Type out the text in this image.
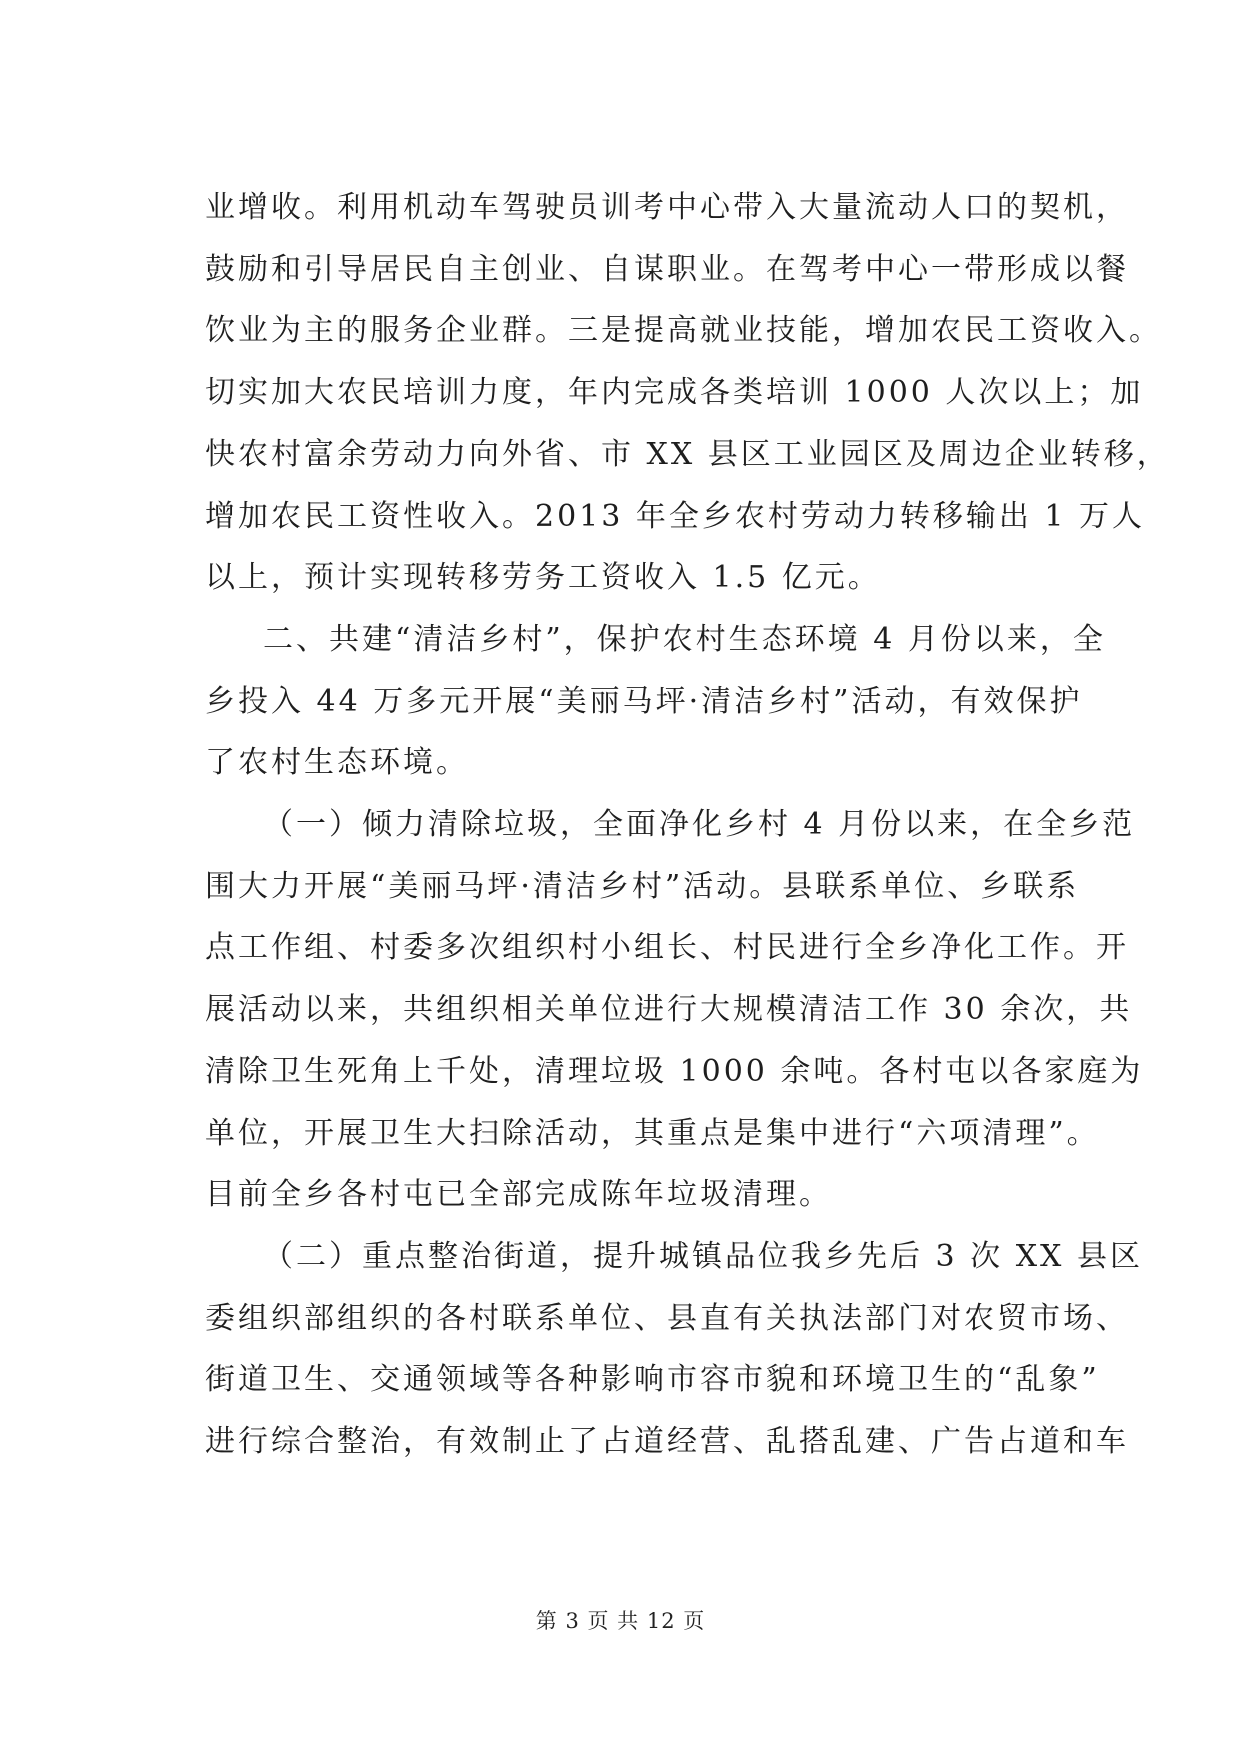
业增收。利用机动车驾驶员训考中心带入大量流动人口的契机，
鼓励和引导居民自主创业、自谋职业。在驾考中心一带形成以餐
饮业为主的服务企业群。三是提高就业技能，增加农民工资收入。
切实加大农民培训力度，年内完成各类培训 1000 人次以上；加
快农村富余劳动力向外省、市 XX 县区工业园区及周边企业转移，
增加农民工资性收入。2013 年全乡农村劳动力转移输出 1 万人
以上，预计实现转移劳务工资收入 1.5 亿元。
二、共建“清洁乡村”，保护农村生态环境 4 月份以来，全
乡投入 44 万多元开展“美丽马坪·清洁乡村”活动，有效保护
了农村生态环境。
（一）倾力清除垃圾，全面净化乡村 4 月份以来，在全乡范
围大力开展“美丽马坪·清洁乡村”活动。县联系单位、乡联系
点工作组、村委多次组织村小组长、村民进行全乡净化工作。开
展活动以来，共组织相关单位进行大规模清洁工作 30 余次，共
清除卫生死角上千处，清理垃圾 1000 余吨。各村屯以各家庭为
单位，开展卫生大扫除活动，其重点是集中进行“六项清理”。
目前全乡各村屯已全部完成陈年垃圾清理。
（二）重点整治街道，提升城镇品位我乡先后 3 次 XX 县区
委组织部组织的各村联系单位、县直有关执法部门对农贸市场、
街道卫生、交通领域等各种影响市容市貌和环境卫生的“乱象”
进行综合整治，有效制止了占道经营、乱搭乱建、广告占道和车
第 3 页 共 12 页
